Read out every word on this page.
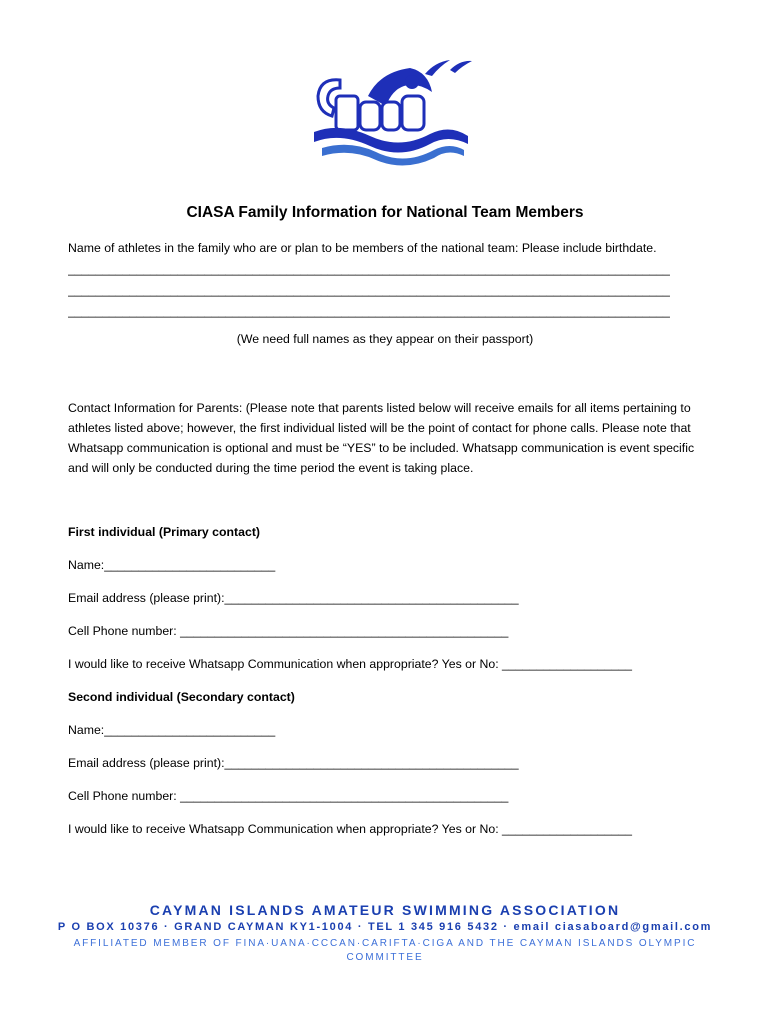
CIASA Family Information for National Team Members
Name of athletes in the family who are or plan to be members of the national team: Please include birthdate.
________________________________________________________________________________________
________________________________________________________________________________________
________________________________________________________________________________________
(We need full names as they appear on their passport)
Contact Information for Parents: (Please note that parents listed below will receive emails for all items pertaining to athletes listed above; however, the first individual listed will be the point of contact for phone calls. Please note that Whatsapp communication is optional and must be “YES” to be included. Whatsapp communication is event specific and will only be conducted during the time period the event is taking place.
First individual (Primary contact)
Name:_________________________
Email address (please print):___________________________________________
Cell Phone number: ________________________________________________
I would like to receive Whatsapp Communication when appropriate? Yes or No: ___________________
Second individual (Secondary contact)
Name:_________________________
Email address (please print):___________________________________________
Cell Phone number: ________________________________________________
I would like to receive Whatsapp Communication when appropriate? Yes or No: ___________________
CAYMAN ISLANDS AMATEUR SWIMMING ASSOCIATION
P O BOX 10376 · GRAND CAYMAN KY1-1004 · TEL 1 345 916 5432 · email ciasaboard@gmail.com
AFFILIATED MEMBER OF FINA·UANA·CCCAN·CARIFTA·CIGA AND THE CAYMAN ISLANDS OLYMPIC
COMMITTEE
